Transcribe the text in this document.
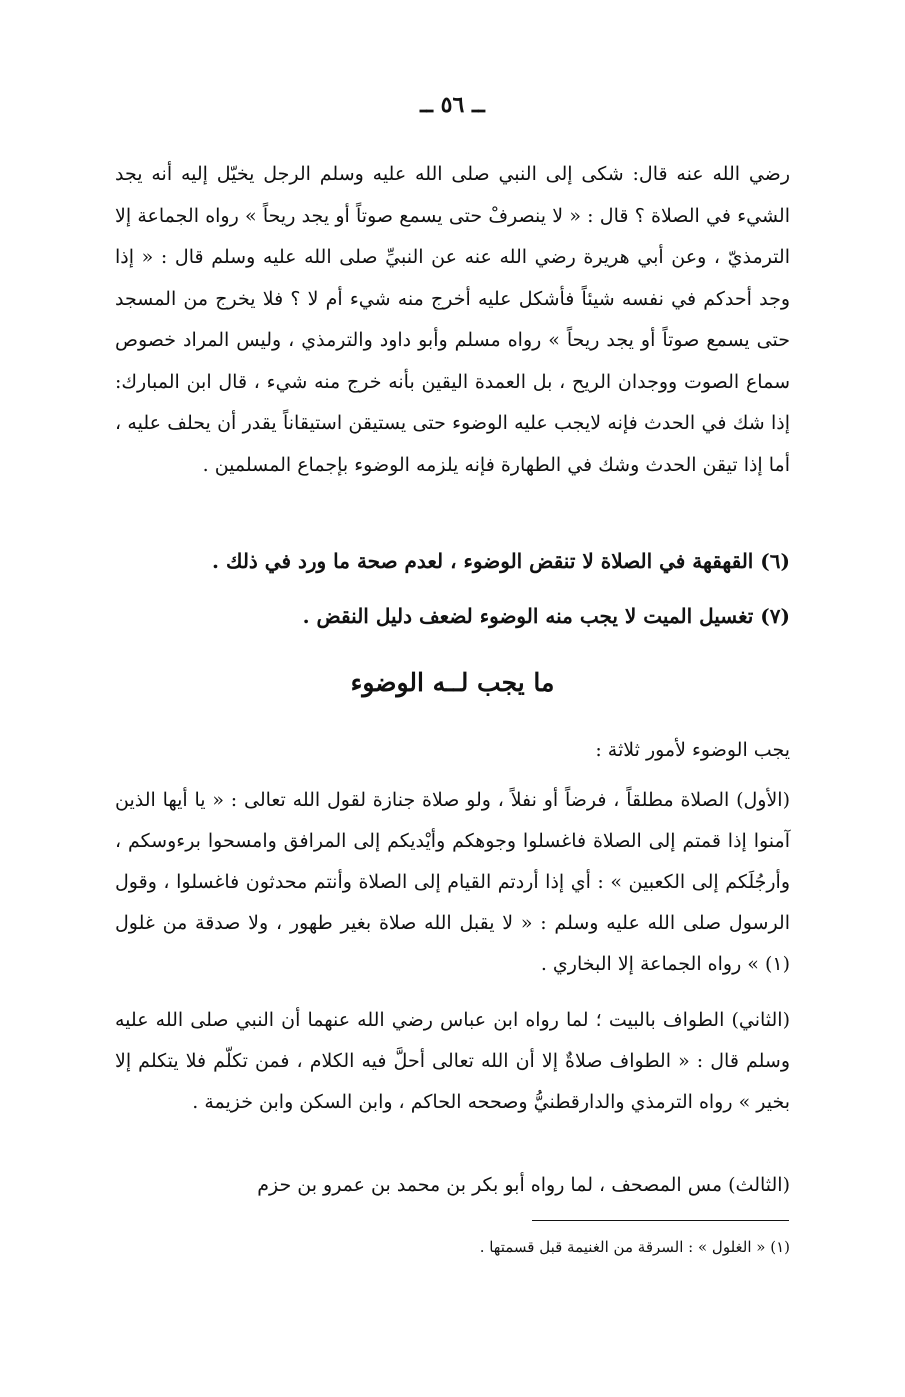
ــ ٥٦ ــ

رضي الله عنه قال: شكى إلى النبي صلى الله عليه وسلم الرجل يخيّل إليه أنه يجد الشيء في الصلاة ؟ قال : « لا ينصرفْ حتى يسمع صوتاً أو يجد ريحاً » رواه الجماعة إلا الترمذيّ ، وعن أبي هريرة رضي الله عنه عن النبيِّ صلى الله عليه وسلم قال : « إذا وجد أحدكم في نفسه شيئاً فأشكل عليه أخرج منه شيء أم لا ؟ فلا يخرج من المسجد حتى يسمع صوتاً أو يجد ريحاً » رواه مسلم وأبو داود والترمذي ، وليس المراد خصوص سماع الصوت ووجدان الريح ، بل العمدة اليقين بأنه خرج منه شيء ، قال ابن المبارك: إذا شك في الحدث فإنه لايجب عليه الوضوء حتى يستيقن استيقاناً يقدر أن يحلف عليه ، أما إذا تيقن الحدث وشك في الطهارة فإنه يلزمه الوضوء بإجماع المسلمين .

(٦) القهقهة في الصلاة لا تنقض الوضوء ، لعدم صحة ما ورد في ذلك .

(٧) تغسيل الميت لا يجب منه الوضوء لضعف دليل النقض .

ما يجب لــه الوضوء

يجب الوضوء لأمور ثلاثة :

(الأول) الصلاة مطلقاً ، فرضاً أو نفلاً ، ولو صلاة جنازة لقول الله تعالى : « يا أيها الذين آمنوا إذا قمتم إلى الصلاة فاغسلوا وجوهكم وأيْديكم إلى المرافق وامسحوا برءوسكم ، وأرجُلَكم إلى الكعبين » : أي إذا أردتم القيام إلى الصلاة وأنتم محدثون فاغسلوا ، وقول الرسول صلى الله عليه وسلم : « لا يقبل الله صلاة بغير طهور ، ولا صدقة من غلول (١) » رواه الجماعة إلا البخاري .

(الثاني) الطواف بالبيت ؛ لما رواه ابن عباس رضي الله عنهما أن النبي صلى الله عليه وسلم قال : « الطواف صلاةٌ إلا أن الله تعالى أحلَّ فيه الكلام ، فمن تكلّم فلا يتكلم إلا بخير » رواه الترمذي والدارقطنيُّ وصححه الحاكم ، وابن السكن وابن خزيمة .

(الثالث) مس المصحف ، لما رواه أبو بكر بن محمد بن عمرو بن حزم

(١) « الغلول » : السرقة من الغنيمة قبل قسمتها .
